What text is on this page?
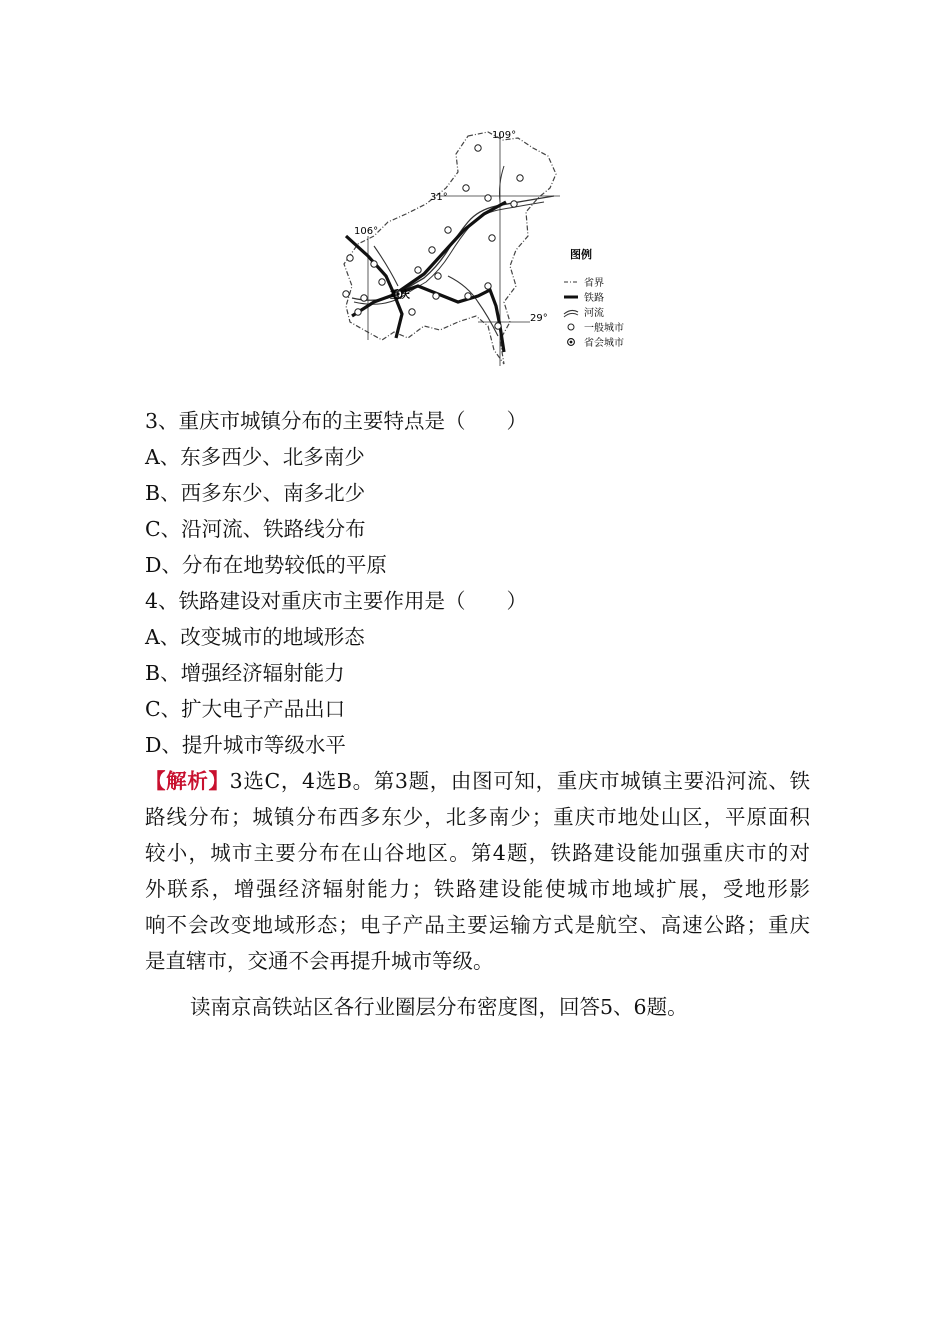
109°
106°
31°
29°
重庆
图例
省界
铁路
河流
一般城市
省会城市
3、重庆市城镇分布的主要特点是（　　）
A、东多西少、北多南少
B、西多东少、南多北少
C、沿河流、铁路线分布
D、分布在地势较低的平原
4、铁路建设对重庆市主要作用是（　　）
A、改变城市的地域形态
B、增强经济辐射能力
C、扩大电子产品出口
D、提升城市等级水平
【解析】3选C，4选B。第3题，由图可知，重庆市城镇主要沿河流、铁
路线分布；城镇分布西多东少，北多南少；重庆市地处山区，平原面积
较小，城市主要分布在山谷地区。第4题，铁路建设能加强重庆市的对
外联系，增强经济辐射能力；铁路建设能使城市地域扩展，受地形影
响不会改变地域形态；电子产品主要运输方式是航空、高速公路；重庆
是直辖市，交通不会再提升城市等级。
读南京高铁站区各行业圈层分布密度图，回答5、6题。
